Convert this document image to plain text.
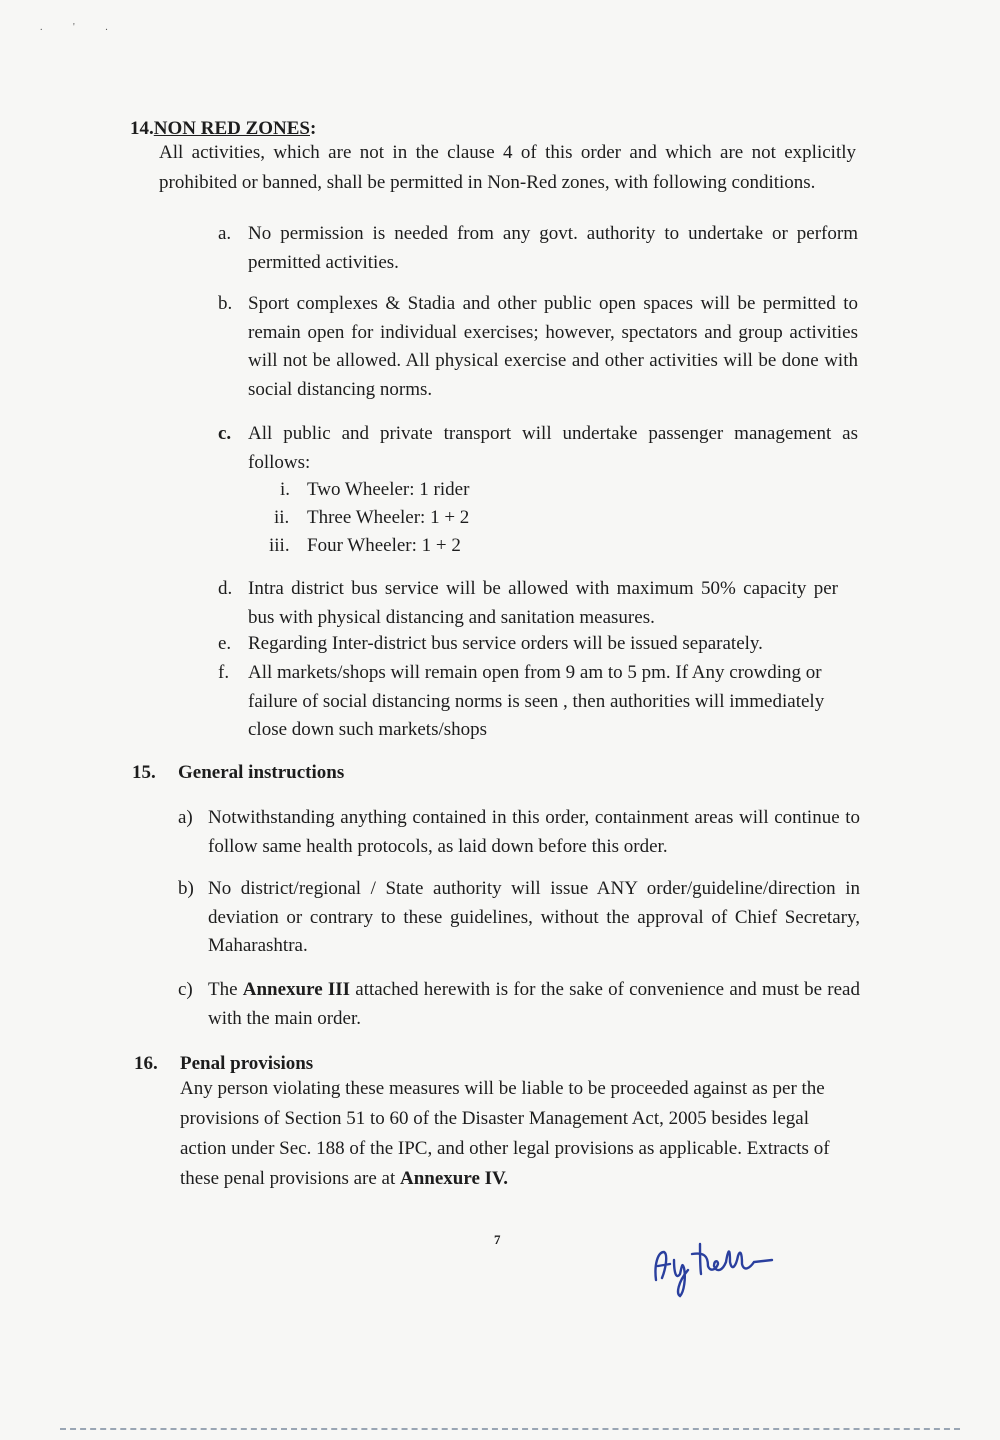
. ' .
14.NON RED ZONES:
All activities, which are not in the clause 4 of this order and which are not explicitly prohibited or banned, shall be permitted in Non-Red zones, with following conditions.
a. No permission is needed from any govt. authority to undertake or perform permitted activities.
b. Sport complexes & Stadia and other public open spaces will be permitted to remain open for individual exercises; however, spectators and group activities will not be allowed. All physical exercise and other activities will be done with social distancing norms.
c. All public and private transport will undertake passenger management as follows:
i. Two Wheeler: 1 rider
ii. Three Wheeler: 1 + 2
iii. Four Wheeler: 1 + 2
d. Intra district bus service will be allowed with maximum 50% capacity per bus with physical distancing and sanitation measures.
e. Regarding Inter-district bus service orders will be issued separately.
f. All markets/shops will remain open from 9 am to 5 pm. If Any crowding or failure of social distancing norms is seen , then authorities will immediately close down such markets/shops
15. General instructions
a) Notwithstanding anything contained in this order, containment areas will continue to follow same health protocols, as laid down before this order.
b) No district/regional / State authority will issue ANY order/guideline/direction in deviation or contrary to these guidelines, without the approval of Chief Secretary, Maharashtra.
c) The Annexure III attached herewith is for the sake of convenience and must be read with the main order.
16. Penal provisions
Any person violating these measures will be liable to be proceeded against as per the provisions of Section 51 to 60 of the Disaster Management Act, 2005 besides legal action under Sec. 188 of the IPC, and other legal provisions as applicable. Extracts of these penal provisions are at Annexure IV.
7
